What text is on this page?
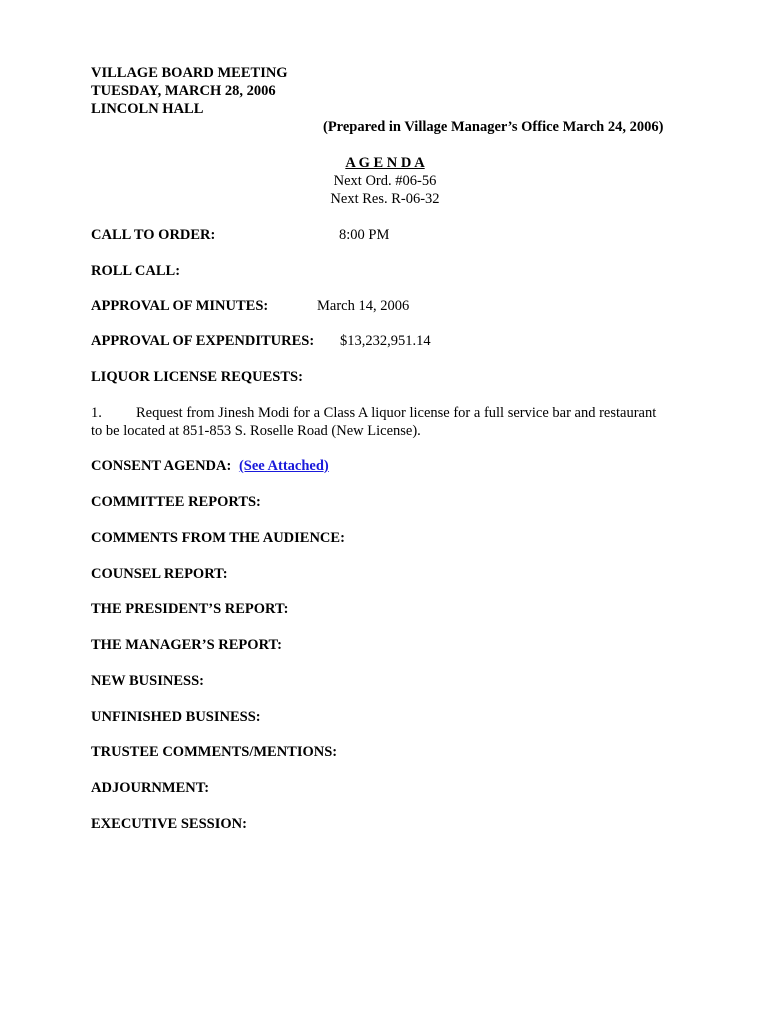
VILLAGE BOARD MEETING
TUESDAY, MARCH 28, 2006
LINCOLN HALL
(Prepared in Village Manager’s Office March 24, 2006)
A G E N D A
Next Ord. #06-56
Next Res. R-06-32
CALL TO ORDER:	8:00 PM
ROLL CALL:
APPROVAL OF MINUTES:	March 14, 2006
APPROVAL OF EXPENDITURES: $13,232,951.14
LIQUOR LICENSE REQUESTS:
1. Request from Jinesh Modi for a Class A liquor license for a full service bar and restaurant
to be located at 851-853 S. Roselle Road (New License).
CONSENT AGENDA: (See Attached)
COMMITTEE REPORTS:
COMMENTS FROM THE AUDIENCE:
COUNSEL REPORT:
THE PRESIDENT’S REPORT:
THE MANAGER’S REPORT:
NEW BUSINESS:
UNFINISHED BUSINESS:
TRUSTEE COMMENTS/MENTIONS:
ADJOURNMENT:
EXECUTIVE SESSION:
